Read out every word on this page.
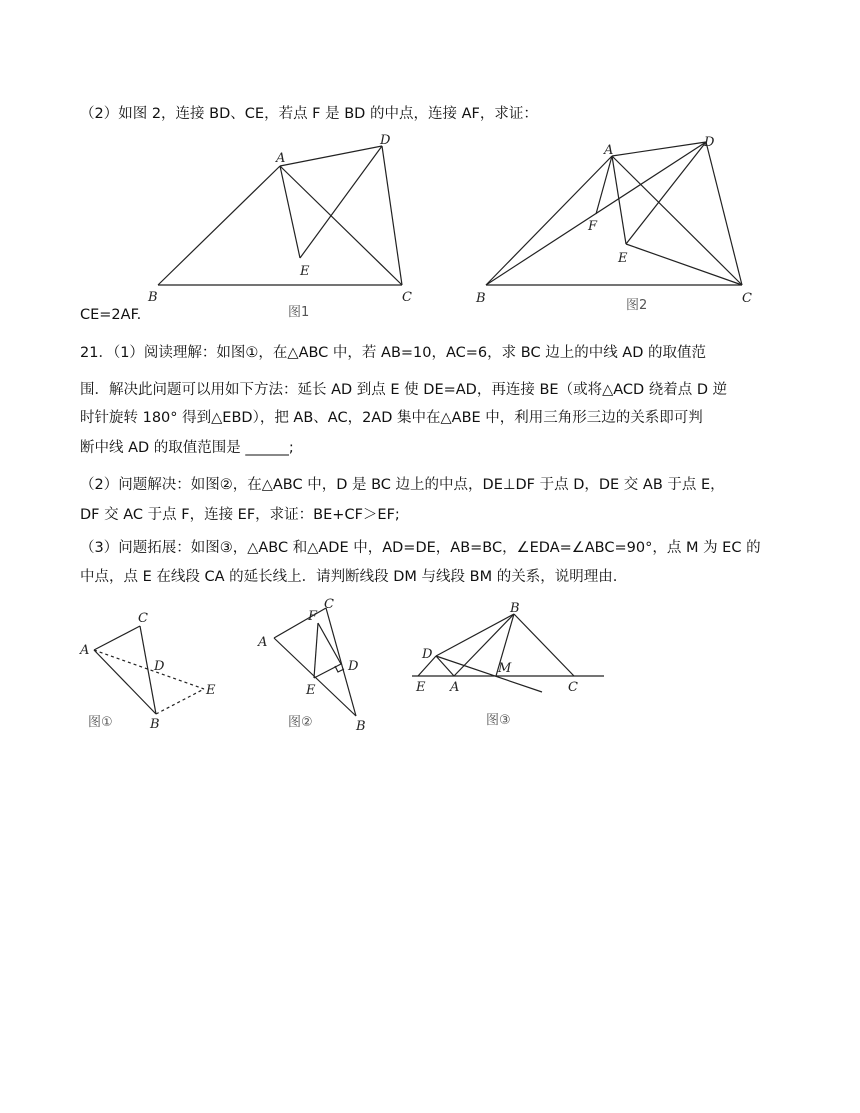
（2）如图 2，连接 BD、CE，若点 F 是 BD 的中点，连接 AF，求证：
A
D
E
B	C
图1
A
D
F
E
B	C
图2
CE=2AF.
21．（1）阅读理解：如图①，在△ABC 中，若 AB=10，AC=6，求 BC 边上的中线 AD 的取值范
围．解决此问题可以用如下方法：延长 AD 到点 E 使 DE=AD，再连接 BE（或将△ACD 绕着点 D 逆
时针旋转 180° 得到△EBD），把 AB、AC，2AD 集中在△ABE 中，利用三角形三边的关系即可判
断中线 AD 的取值范围是 ______;
（2）问题解决：如图②，在△ABC 中，D 是 BC 边上的中点，DE⊥DF 于点 D，DE 交 AB 于点 E，
DF 交 AC 于点 F，连接 EF，求证：BE+CF＞EF;
（3）问题拓展：如图③，△ABC 和△ADE 中，AD=DE，AB=BC，∠EDA=∠ABC=90°，点 M 为 EC 的
中点，点 E 在线段 CA 的延长线上．请判断线段 DM 与线段 BM 的关系，说明理由.
A
C
D
E
B
图①
A
F
C
D
E
B
图②
B
D
M
E A	C
图③
